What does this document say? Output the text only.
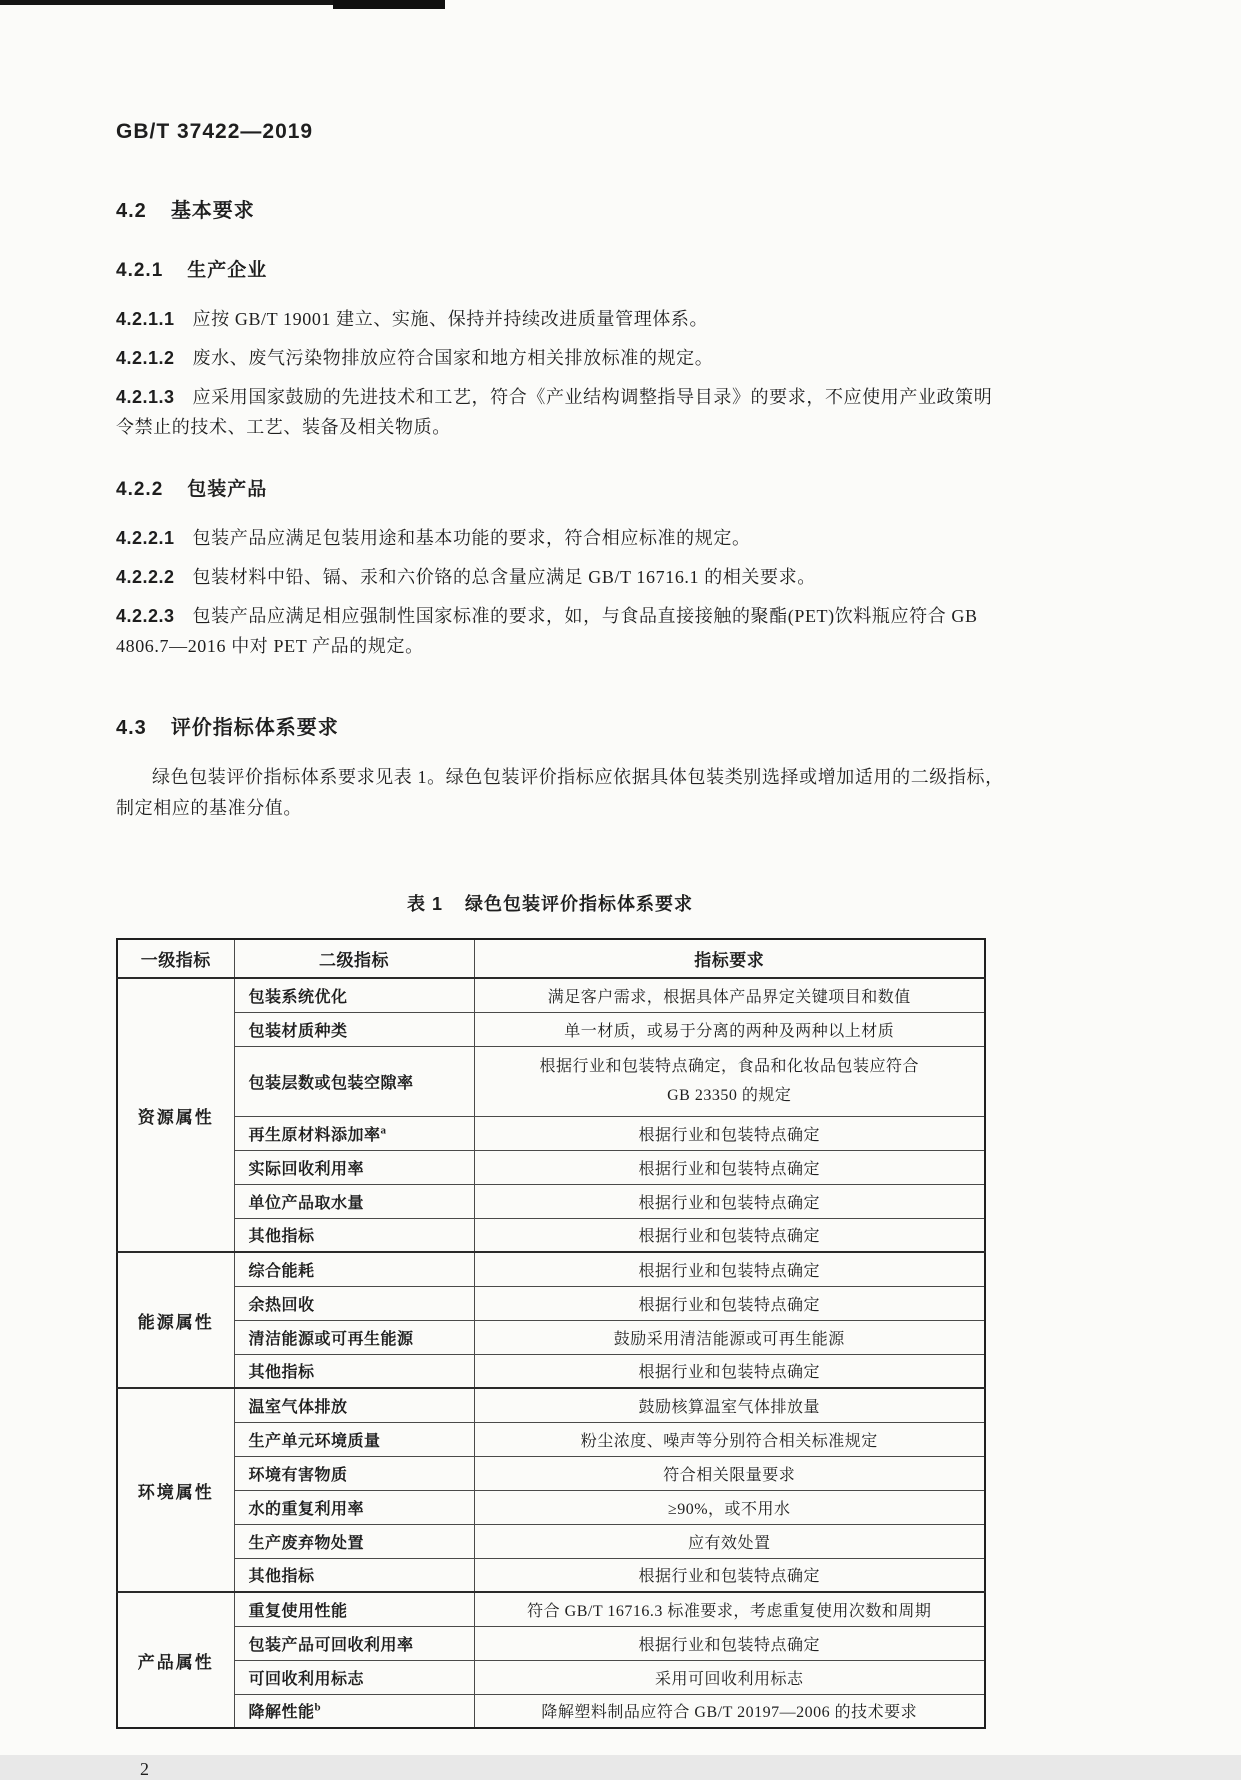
GB/T 37422—2019
4.2 基本要求
4.2.1 生产企业

4.2.1.1 应按 GB/T 19001 建立、实施、保持并持续改进质量管理体系。

4.2.1.2 废水、废气污染物排放应符合国家和地方相关排放标准的规定。

4.2.1.3 应采用国家鼓励的先进技术和工艺，符合《产业结构调整指导目录》的要求，不应使用产业政策明令禁止的技术、工艺、装备及相关物质。

4.2.2 包装产品

4.2.2.1 包装产品应满足包装用途和基本功能的要求，符合相应标准的规定。

4.2.2.2 包装材料中铅、镉、汞和六价铬的总含量应满足 GB/T 16716.1 的相关要求。

4.2.2.3 包装产品应满足相应强制性国家标准的要求，如，与食品直接接触的聚酯(PET)饮料瓶应符合 GB 4806.7—2016 中对 PET 产品的规定。

4.3 评价指标体系要求

绿色包装评价指标体系要求见表 1。绿色包装评价指标应依据具体包装类别选择或增加适用的二级指标，制定相应的基准分值。

表 1 绿色包装评价指标体系要求
一级指标	二级指标	指标要求
资源属性	包装系统优化	满足客户需求，根据具体产品界定关键项目和数值
	包装材质种类	单一材质，或易于分离的两种及两种以上材质
	包装层数或包装空隙率	根据行业和包装特点确定，食品和化妆品包装应符合
GB 23350 的规定

	再生原材料添加率$^a$	根据行业和包装特点确定
	实际回收利用率	根据行业和包装特点确定
	单位产品取水量	根据行业和包装特点确定
	其他指标	根据行业和包装特点确定
能源属性	综合能耗	根据行业和包装特点确定
	余热回收	根据行业和包装特点确定
	清洁能源或可再生能源	鼓励采用清洁能源或可再生能源
	其他指标	根据行业和包装特点确定
环境属性	温室气体排放	鼓励核算温室气体排放量
	生产单元环境质量	粉尘浓度、噪声等分别符合相关标准规定
	环境有害物质	符合相关限量要求
	水的重复利用率	≥90%，或不用水
	生产废弃物处置	应有效处置
	其他指标	根据行业和包装特点确定
产品属性	重复使用性能	符合 GB/T 16716.3 标准要求，考虑重复使用次数和周期
	包装产品可回收利用率	根据行业和包装特点确定
	可回收利用标志	采用可回收利用标志
	降解性能$^b$	降解塑料制品应符合 GB/T 20197—2006 的技术要求
2
